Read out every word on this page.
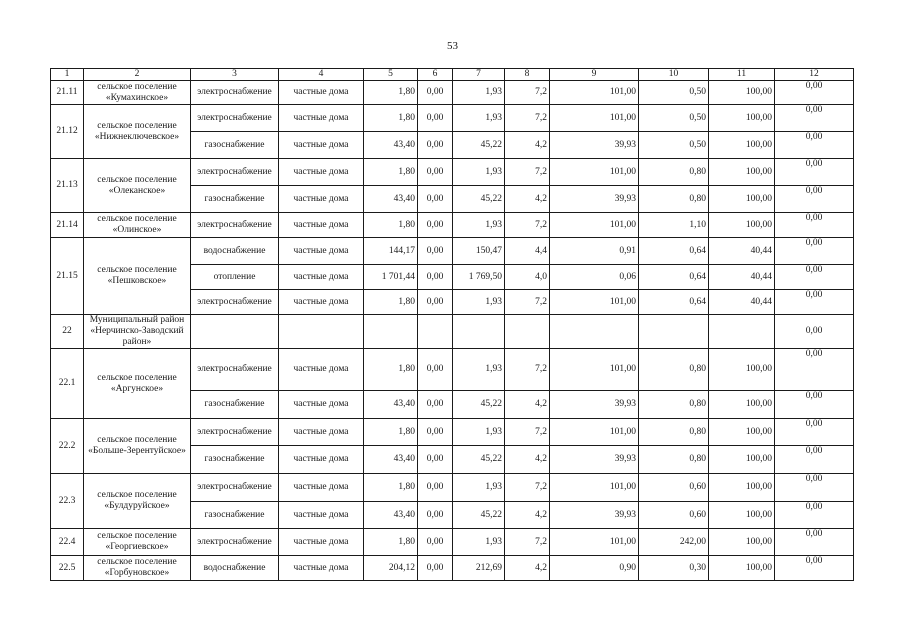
53
1	2	3	4	5	6	7	8	9	10	11	12
21.11	сельское поселение «Кумахинское»	электроснабжение	частные дома	1,80	0,00	1,93	7,2	101,00	0,50	100,00	0,00
21.12	сельское поселение «Нижнеключевское»	электроснабжение	частные дома	1,80	0,00	1,93	7,2	101,00	0,50	100,00	0,00
		газоснабжение	частные дома	43,40	0,00	45,22	4,2	39,93	0,50	100,00	0,00
21.13	сельское поселение «Олеканское»	электроснабжение	частные дома	1,80	0,00	1,93	7,2	101,00	0,80	100,00	0,00
		газоснабжение	частные дома	43,40	0,00	45,22	4,2	39,93	0,80	100,00	0,00
21.14	сельское поселение «Олинское»	электроснабжение	частные дома	1,80	0,00	1,93	7,2	101,00	1,10	100,00	0,00
21.15	сельское поселение «Пешковское»	водоснабжение	частные дома	144,17	0,00	150,47	4,4	0,91	0,64	40,44	0,00
		отопление	частные дома	1 701,44	0,00	1 769,50	4,0	0,06	0,64	40,44	0,00
		электроснабжение	частные дома	1,80	0,00	1,93	7,2	101,00	0,64	40,44	0,00
22	Муниципальный район «Нерчинско-Заводский район»										0,00
22.1	сельское поселение «Аргунское»	электроснабжение	частные дома	1,80	0,00	1,93	7,2	101,00	0,80	100,00	0,00
		газоснабжение	частные дома	43,40	0,00	45,22	4,2	39,93	0,80	100,00	0,00
22.2	сельское поселение «Больше-Зерентуйское»	электроснабжение	частные дома	1,80	0,00	1,93	7,2	101,00	0,80	100,00	0,00
		газоснабжение	частные дома	43,40	0,00	45,22	4,2	39,93	0,80	100,00	0,00
22.3	сельское поселение «Булдуруйское»	электроснабжение	частные дома	1,80	0,00	1,93	7,2	101,00	0,60	100,00	0,00
		газоснабжение	частные дома	43,40	0,00	45,22	4,2	39,93	0,60	100,00	0,00
22.4	сельское поселение «Георгиевское»	электроснабжение	частные дома	1,80	0,00	1,93	7,2	101,00	242,00	100,00	0,00
22.5	сельское поселение «Горбуновское»	водоснабжение	частные дома	204,12	0,00	212,69	4,2	0,90	0,30	100,00	0,00
